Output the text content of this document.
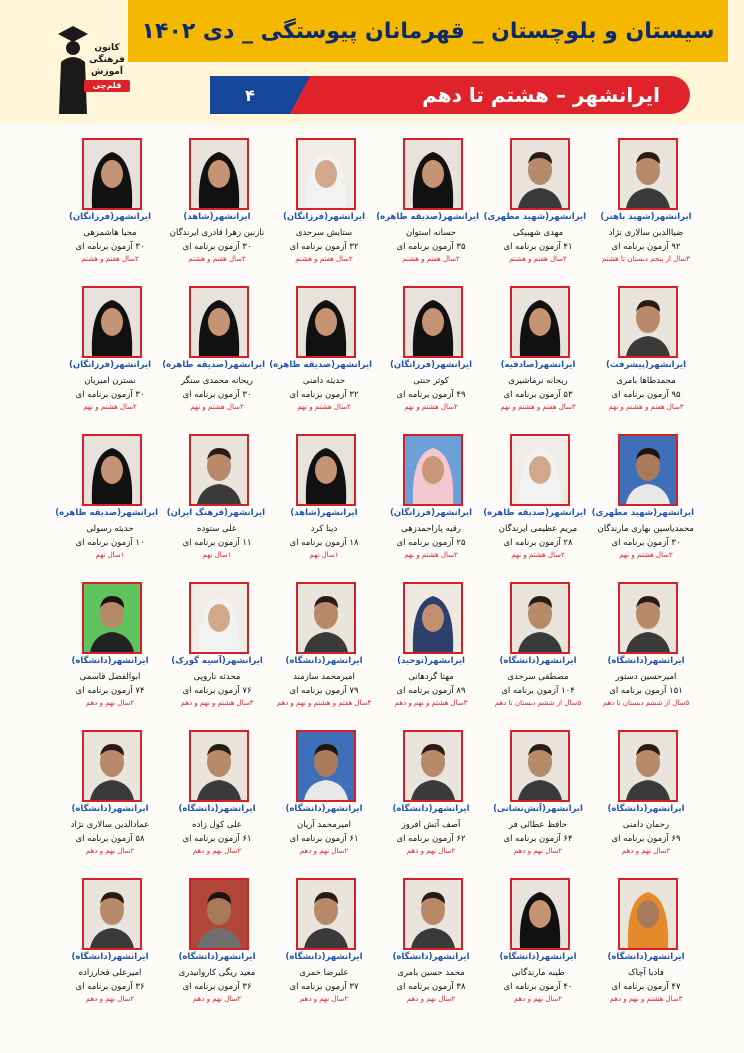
کانون
فرهنگی
آموزش
قلم‌چی
سیستان و بلوچستان _ قهرمانان پیوستگی _ دی ۱۴۰۲
۴	ایرانشهر – هشتم تا دهم
ایرانشهر(شهید باهنر)
ضیاالدین سالاری نژاد
۹۲ آزمون برنامه ای
۴سال از پنجم دبستان تا هشتم
ایرانشهر(شهید مطهری)
مهدی شهبیکی
۴۱ آزمون برنامه ای
۲سال هفتم و هشتم
ایرانشهر(صدیقه طاهره)
حسانه استوان
۳۵ آزمون برنامه ای
۲سال هفتم و هشتم
ایرانشهر(فرزانگان)
ستایش سرحدی
۳۲ آزمون برنامه ای
۲سال هفتم و هشتم
ایرانشهر(شاهد)
نازنین زهرا قادری ایرندگان
۳۰ آزمون برنامه ای
۲سال هفتم و هشتم
ایرانشهر(فرزانگان)
محیا هاشمزهی
۳۰ آزمون برنامه ای
۲سال هفتم و هشتم
ایرانشهر(پیشرفت)
محمدطاها بامری
۹۵ آزمون برنامه ای
۳سال هفتم و هشتم و نهم
ایرانشهر(صادقیه)
ریحانه نرماشیری
۵۳ آزمون برنامه ای
۳سال هفتم و هشتم و نهم
ایرانشهر(فرزانگان)
کوثر جنتی
۴۹ آزمون برنامه ای
۲سال هشتم و نهم
ایرانشهر(صدیقه طاهره)
حدیثه دامنی
۳۲ آزمون برنامه ای
۲سال هشتم و نهم
ایرانشهر(صدیقه طاهره)
ریحانه محمدی سنگر
۳۰ آزمون برنامه ای
۲سال هشتم و نهم
ایرانشهر(فرزانگان)
نسترن امیریان
۳۰ آزمون برنامه ای
۲سال هشتم و نهم
ایرانشهر(شهید مطهری)
محمدیاسین بهاری مارندگان
۳۰ آزمون برنامه ای
۲سال هشتم و نهم
ایرانشهر(صدیقه طاهره)
مریم عظیمی ایرندگان
۲۸ آزمون برنامه ای
۲سال هشتم و نهم
ایرانشهر(فرزانگان)
رقیه پاراحمدزهی
۲۵ آزمون برنامه ای
۲سال هشتم و نهم
ایرانشهر(شاهد)
دینا کرد
۱۸ آزمون برنامه ای
۱سال نهم
ایرانشهر(فرهنگ ایران)
علی ستوده
۱۱ آزمون برنامه ای
۱سال نهم
ایرانشهر(صدیقه طاهره)
حدیثه رسولی
۱۰ آزمون برنامه ای
۱سال نهم
ایرانشهر(دانشگاه)
امیرحسین دستور
۱۵۱ آزمون برنامه ای
۵سال از ششم دبستان تا دهم
ایرانشهر(دانشگاه)
مصطفی سرحدی
۱۰۴ آزمون برنامه ای
۵سال از ششم دبستان تا دهم
ایرانشهر(توحید)
مهتا گردهانی
۸۹ آزمون برنامه ای
۳سال هشتم و نهم و دهم
ایرانشهر(دانشگاه)
امیرمحمد سازمند
۷۹ آزمون برنامه ای
۴سال هفتم و هشتم و نهم و دهم
ایرانشهر(آسیه گورک)
محدثه ناروپی
۷۶ آزمون برنامه ای
۳سال هشتم و نهم و دهم
ایرانشهر(دانشگاه)
ابوالفضل قاسمی
۷۴ آزمون برنامه ای
۲سال نهم و دهم
ایرانشهر(دانشگاه)
رحمان دامنی
۶۹ آزمون برنامه ای
۲سال نهم و دهم
ایرانشهر(آتش‌نشانی)
حافظ عطائی فر
۶۴ آزمون برنامه ای
۲سال نهم و دهم
ایرانشهر(دانشگاه)
آصف آتش افروز
۶۲ آزمون برنامه ای
۲سال نهم و دهم
ایرانشهر(دانشگاه)
امیرمحمد آریان
۶۱ آزمون برنامه ای
۲سال نهم و دهم
ایرانشهر(دانشگاه)
علی کول زاده
۶۱ آزمون برنامه ای
۲سال نهم و دهم
ایرانشهر(دانشگاه)
عمادالدین سالاری نژاد
۵۸ آزمون برنامه ای
۲سال نهم و دهم
ایرانشهر(دانشگاه)
فادیا آچاک
۴۷ آزمون برنامه ای
۳سال هشتم و نهم و دهم
ایرانشهر(دانشگاه)
طیبه مارندگانی
۴۰ آزمون برنامه ای
۲سال نهم و دهم
ایرانشهر(دانشگاه)
محمد حسین بامری
۳۸ آزمون برنامه ای
۲سال نهم و دهم
ایرانشهر(دانشگاه)
علیرضا خمری
۳۷ آزمون برنامه ای
۲سال نهم و دهم
ایرانشهر(دانشگاه)
معید ریگی کاروانیدری
۳۶ آزمون برنامه ای
۲سال نهم و دهم
ایرانشهر(دانشگاه)
امیرعلی فخارزاده
۳۶ آزمون برنامه ای
۲سال نهم و دهم
